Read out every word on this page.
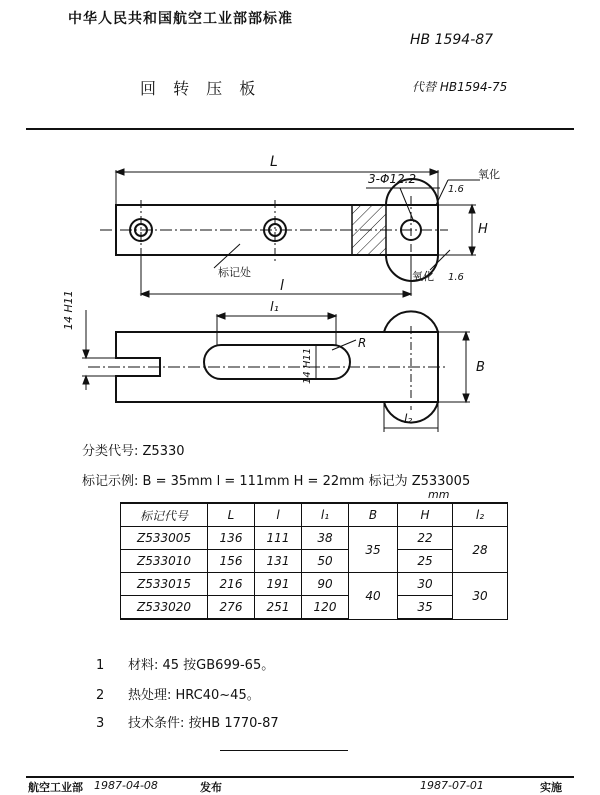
中华人民共和国航空工业部部标准
HB 1594-87
回 转 压 板	代替 HB1594-75
L
3-Φ12.2	氧化
1.6
H
标记处	氧化 1.6
l
l₁
14 H11
14 H11
R
B
l₂
分类代号: Z5330
标记示例: B = 35mm l = 111mm H = 22mm 标记为 Z533005
mm
标记代号	L	l	l₁	B	H	l₂
Z533005	136	111	38	35	22	28
Z533010	156	131	50		25	
Z533015	216	191	90	40	30	30
Z533020	276	251	120		35	
1 材料: 45 按GB699-65。
2 热处理: HRC40~45。
3 技术条件: 按HB 1770-87
航空工业部 1987-04-08	发布	1987-07-01	实施
